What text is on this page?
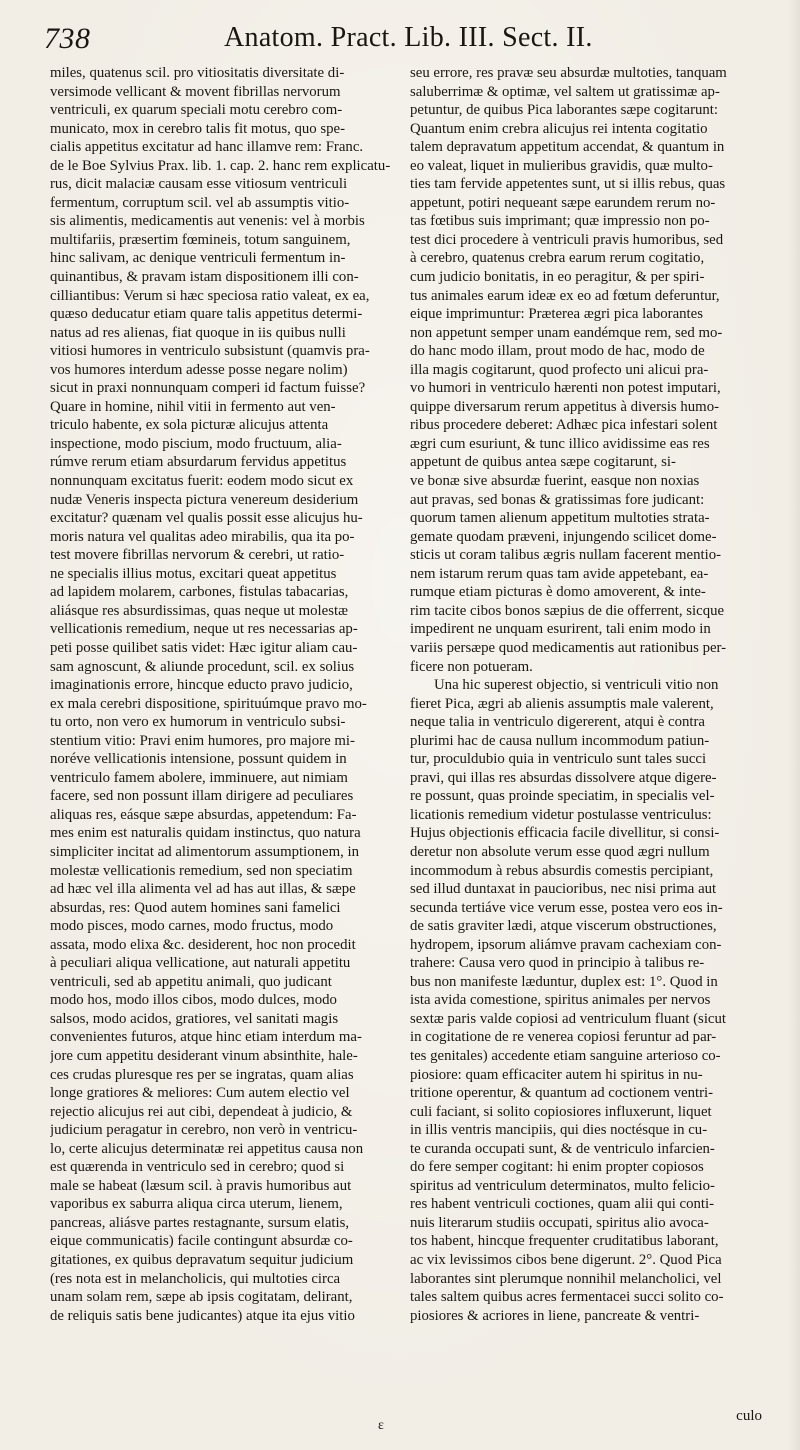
738	Anatom. Pract. Lib. III. Sect. II.
miles, quatenus scil. pro vitiositatis diversitate di-
versimode vellicant & movent fibrillas nervorum
ventriculi, ex quarum speciali motu cerebro com-
municato, mox in cerebro talis fit motus, quo spe-
cialis appetitus excitatur ad hanc illamve rem: Franc.
de le Boe Sylvius Prax. lib. 1. cap. 2. hanc rem explicatu-
rus, dicit malaciæ causam esse vitiosum ventriculi
fermentum, corruptum scil. vel ab assumptis vitio-
sis alimentis, medicamentis aut venenis: vel à morbis
multifariis, præsertim fœmineis, totum sanguinem,
hinc salivam, ac denique ventriculi fermentum in-
quinantibus, & pravam istam dispositionem illi con-
cilliantibus: Verum si hæc speciosa ratio valeat, ex ea,
quæso deducatur etiam quare talis appetitus determi-
natus ad res alienas, fiat quoque in iis quibus nulli
vitiosi humores in ventriculo subsistunt (quamvis pra-
vos humores interdum adesse posse negare nolim)
sicut in praxi nonnunquam comperi id factum fuisse?
Quare in homine, nihil vitii in fermento aut ven-
triculo habente, ex sola picturæ alicujus attenta
inspectione, modo piscium, modo fructuum, alia-
rúmve rerum etiam absurdarum fervidus appetitus
nonnunquam excitatus fuerit: eodem modo sicut ex
nudæ Veneris inspecta pictura venereum desiderium
excitatur? quænam vel qualis possit esse alicujus hu-
moris natura vel qualitas adeo mirabilis, qua ita po-
test movere fibrillas nervorum & cerebri, ut ratio-
ne specialis illius motus, excitari queat appetitus
ad lapidem molarem, carbones, fistulas tabacarias,
aliásque res absurdissimas, quas neque ut molestæ
vellicationis remedium, neque ut res necessarias ap-
peti posse quilibet satis videt: Hæc igitur aliam cau-
sam agnoscunt, & aliunde procedunt, scil. ex solius
imaginationis errore, hincque educto pravo judicio,
ex mala cerebri dispositione, spirituúmque pravo mo-
tu orto, non vero ex humorum in ventriculo subsi-
stentium vitio: Pravi enim humores, pro majore mi-
noréve vellicationis intensione, possunt quidem in
ventriculo famem abolere, imminuere, aut nimiam
facere, sed non possunt illam dirigere ad peculiares
aliquas res, eásque sæpe absurdas, appetendum: Fa-
mes enim est naturalis quidam instinctus, quo natura
simpliciter incitat ad alimentorum assumptionem, in
molestæ vellicationis remedium, sed non speciatim
ad hæc vel illa alimenta vel ad has aut illas, & sæpe
absurdas, res: Quod autem homines sani famelici
modo pisces, modo carnes, modo fructus, modo
assata, modo elixa &c. desiderent, hoc non procedit
à peculiari aliqua vellicatione, aut naturali appetitu
ventriculi, sed ab appetitu animali, quo judicant
modo hos, modo illos cibos, modo dulces, modo
salsos, modo acidos, gratiores, vel sanitati magis
convenientes futuros, atque hinc etiam interdum ma-
jore cum appetitu desiderant vinum absinthite, hale-
ces crudas pluresque res per se ingratas, quam alias
longe gratiores & meliores: Cum autem electio vel
rejectio alicujus rei aut cibi, dependeat à judicio, &
judicium peragatur in cerebro, non verò in ventricu-
lo, certe alicujus determinatæ rei appetitus causa non
est quærenda in ventriculo sed in cerebro; quod si
male se habeat (læsum scil. à pravis humoribus aut
vaporibus ex saburra aliqua circa uterum, lienem,
pancreas, aliásve partes restagnante, sursum elatis,
eique communicatis) facile contingunt absurdæ co-
gitationes, ex quibus depravatum sequitur judicium
(res nota est in melancholicis, qui multoties circa
unam solam rem, sæpe ab ipsis cogitatam, delirant,
de reliquis satis bene judicantes) atque ita ejus vitio
seu errore, res pravæ seu absurdæ multoties, tanquam
saluberrimæ & optimæ, vel saltem ut gratissimæ ap-
petuntur, de quibus Pica laborantes sæpe cogitarunt:
Quantum enim crebra alicujus rei intenta cogitatio
talem depravatum appetitum accendat, & quantum in
eo valeat, liquet in mulieribus gravidis, quæ multo-
ties tam fervide appetentes sunt, ut si illis rebus, quas
appetunt, potiri nequeant sæpe earundem rerum no-
tas fœtibus suis imprimant; quæ impressio non po-
test dici procedere à ventriculi pravis humoribus, sed
à cerebro, quatenus crebra earum rerum cogitatio,
cum judicio bonitatis, in eo peragitur, & per spiri-
tus animales earum ideæ ex eo ad fœtum deferuntur,
eique imprimuntur: Præterea ægri pica laborantes
non appetunt semper unam eandémque rem, sed mo-
do hanc modo illam, prout modo de hac, modo de
illa magis cogitarunt, quod profecto uni alicui pra-
vo humori in ventriculo hærenti non potest imputari,
quippe diversarum rerum appetitus à diversis humo-
ribus procedere deberet: Adhæc pica infestari solent
ægri cum esuriunt, & tunc illico avidissime eas res
appetunt de quibus antea sæpe cogitarunt, si-
ve bonæ sive absurdæ fuerint, easque non noxias
aut pravas, sed bonas & gratissimas fore judicant:
quorum tamen alienum appetitum multoties strata-
gemate quodam præveni, injungendo scilicet dome-
sticis ut coram talibus ægris nullam facerent mentio-
nem istarum rerum quas tam avide appetebant, ea-
rumque etiam picturas è domo amoverent, & inte-
rim tacite cibos bonos sæpius de die offerrent, sicque
impedirent ne unquam esurirent, tali enim modo in
variis persæpe quod medicamentis aut rationibus per-
ficere non potueram.
Una hic superest objectio, si ventriculi vitio non
fieret Pica, ægri ab alienis assumptis male valerent,
neque talia in ventriculo digererent, atqui è contra
plurimi hac de causa nullum incommodum patiun-
tur, proculdubio quia in ventriculo sunt tales succi
pravi, qui illas res absurdas dissolvere atque digere-
re possunt, quas proinde speciatim, in specialis vel-
licationis remedium videtur postulasse ventriculus:
Hujus objectionis efficacia facile divellitur, si consi-
deretur non absolute verum esse quod ægri nullum
incommodum à rebus absurdis comestis percipiant,
sed illud duntaxat in paucioribus, nec nisi prima aut
secunda tertiáve vice verum esse, postea vero eos in-
de satis graviter lædi, atque viscerum obstructiones,
hydropem, ipsorum aliámve pravam cachexiam con-
trahere: Causa vero quod in principio à talibus re-
bus non manifeste læduntur, duplex est: 1°. Quod in
ista avida comestione, spiritus animales per nervos
sextæ paris valde copiosi ad ventriculum fluant (sicut
in cogitatione de re venerea copiosi feruntur ad par-
tes genitales) accedente etiam sanguine arterioso co-
piosiore: quam efficaciter autem hi spiritus in nu-
tritione operentur, & quantum ad coctionem ventri-
culi faciant, si solito copiosiores influxerunt, liquet
in illis ventris mancipiis, qui dies noctésque in cu-
te curanda occupati sunt, & de ventriculo infarcien-
do fere semper cogitant: hi enim propter copiosos
spiritus ad ventriculum determinatos, multo felicio-
res habent ventriculi coctiones, quam alii qui conti-
nuis literarum studiis occupati, spiritus alio avoca-
tos habent, hincque frequenter cruditatibus laborant,
ac vix levissimos cibos bene digerunt. 2°. Quod Pica
laborantes sint plerumque nonnihil melancholici, vel
tales saltem quibus acres fermentacei succi solito co-
piosiores & acriores in liene, pancreate & ventri-
ɛ
culo
